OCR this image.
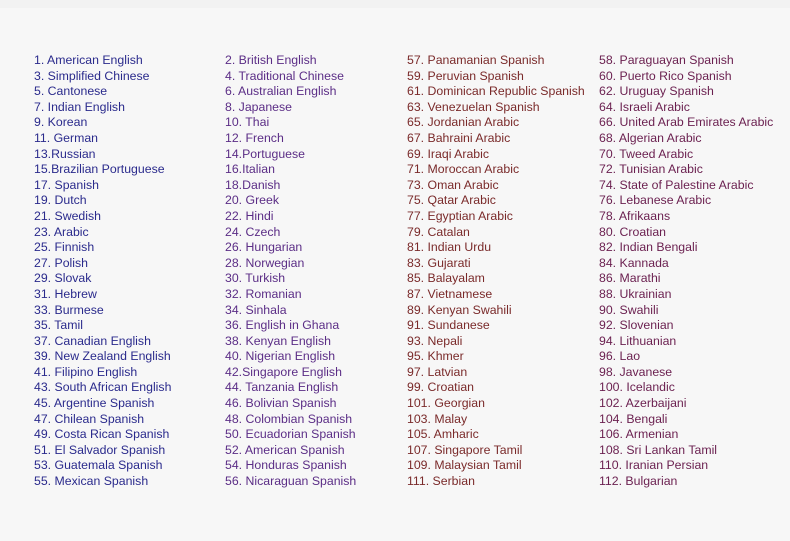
1. American English
3. Simplified Chinese
5. Cantonese
7. Indian English
9. Korean
11. German
13.Russian
15.Brazilian Portuguese
17. Spanish
19. Dutch
21. Swedish
23. Arabic
25. Finnish
27. Polish
29. Slovak
31. Hebrew
33. Burmese
35. Tamil
37. Canadian English
39. New Zealand English
41. Filipino English
43. South African English
45. Argentine Spanish
47. Chilean Spanish
49. Costa Rican Spanish
51. El Salvador Spanish
53. Guatemala Spanish
55. Mexican Spanish
2. British English
4. Traditional Chinese
6. Australian English
8. Japanese
10. Thai
12. French
14.Portuguese
16.Italian
18.Danish
20. Greek
22. Hindi
24. Czech
26. Hungarian
28. Norwegian
30. Turkish
32. Romanian
34. Sinhala
36. English in Ghana
38. Kenyan English
40. Nigerian English
42.Singapore English
44. Tanzania English
46. Bolivian Spanish
48. Colombian Spanish
50. Ecuadorian Spanish
52. American Spanish
54. Honduras Spanish
56. Nicaraguan Spanish
57. Panamanian Spanish
59. Peruvian Spanish
61. Dominican Republic Spanish
63. Venezuelan Spanish
65. Jordanian Arabic
67. Bahraini Arabic
69. Iraqi Arabic
71. Moroccan Arabic
73. Oman Arabic
75. Qatar Arabic
77. Egyptian Arabic
79. Catalan
81. Indian Urdu
83. Gujarati
85. Balayalam
87. Vietnamese
89. Kenyan Swahili
91. Sundanese
93. Nepali
95. Khmer
97. Latvian
99. Croatian
101. Georgian
103. Malay
105. Amharic
107. Singapore Tamil
109. Malaysian Tamil
111. Serbian
58. Paraguayan Spanish
60. Puerto Rico Spanish
62. Uruguay Spanish
64. Israeli Arabic
66. United Arab Emirates Arabic
68. Algerian Arabic
70. Tweed Arabic
72. Tunisian Arabic
74. State of Palestine Arabic
76. Lebanese Arabic
78. Afrikaans
80. Croatian
82. Indian Bengali
84. Kannada
86. Marathi
88. Ukrainian
90. Swahili
92. Slovenian
94. Lithuanian
96. Lao
98. Javanese
100. Icelandic
102. Azerbaijani
104. Bengali
106. Armenian
108. Sri Lankan Tamil
110. Iranian Persian
112. Bulgarian
